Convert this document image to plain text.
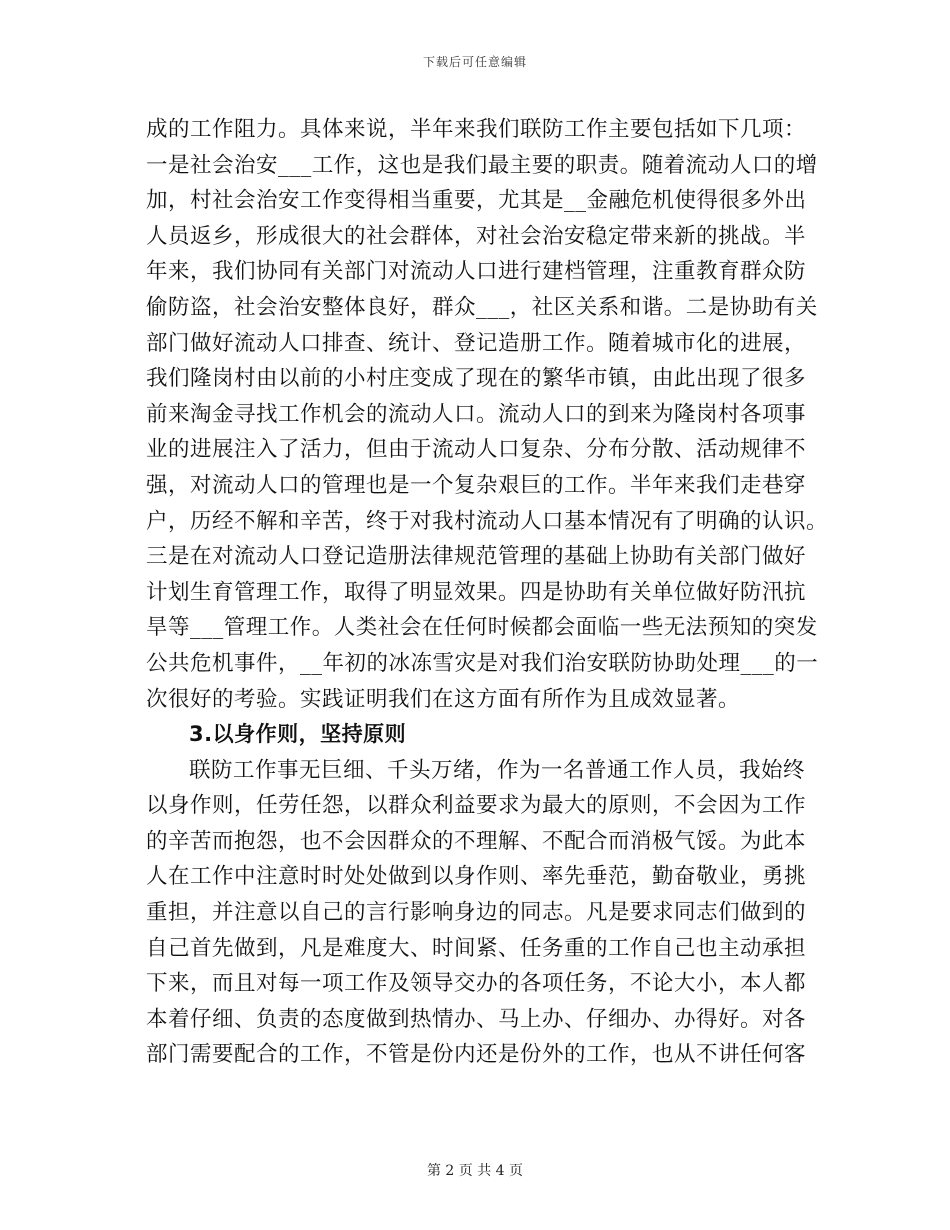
下载后可任意编辑
成的工作阻力。具体来说，半年来我们联防工作主要包括如下几项：
一是社会治安___工作，这也是我们最主要的职责。随着流动人口的增
加，村社会治安工作变得相当重要，尤其是__金融危机使得很多外出
人员返乡，形成很大的社会群体，对社会治安稳定带来新的挑战。半
年来，我们协同有关部门对流动人口进行建档管理，注重教育群众防
偷防盗，社会治安整体良好，群众___，社区关系和谐。二是协助有关
部门做好流动人口排查、统计、登记造册工作。随着城市化的进展，
我们隆岗村由以前的小村庄变成了现在的繁华市镇，由此出现了很多
前来淘金寻找工作机会的流动人口。流动人口的到来为隆岗村各项事
业的进展注入了活力，但由于流动人口复杂、分布分散、活动规律不
强，对流动人口的管理也是一个复杂艰巨的工作。半年来我们走巷穿
户，历经不解和辛苦，终于对我村流动人口基本情况有了明确的认识。
三是在对流动人口登记造册法律规范管理的基础上协助有关部门做好
计划生育管理工作，取得了明显效果。四是协助有关单位做好防汛抗
旱等___管理工作。人类社会在任何时候都会面临一些无法预知的突发
公共危机事件，__年初的冰冻雪灾是对我们治安联防协助处理___的一
次很好的考验。实践证明我们在这方面有所作为且成效显著。
3.以身作则，坚持原则
联防工作事无巨细、千头万绪，作为一名普通工作人员，我始终
以身作则，任劳任怨，以群众利益要求为最大的原则，不会因为工作
的辛苦而抱怨，也不会因群众的不理解、不配合而消极气馁。为此本
人在工作中注意时时处处做到以身作则、率先垂范，勤奋敬业，勇挑
重担，并注意以自己的言行影响身边的同志。凡是要求同志们做到的
自己首先做到，凡是难度大、时间紧、任务重的工作自己也主动承担
下来，而且对每一项工作及领导交办的各项任务，不论大小，本人都
本着仔细、负责的态度做到热情办、马上办、仔细办、办得好。对各
部门需要配合的工作，不管是份内还是份外的工作，也从不讲任何客
第 2 页 共 4 页
